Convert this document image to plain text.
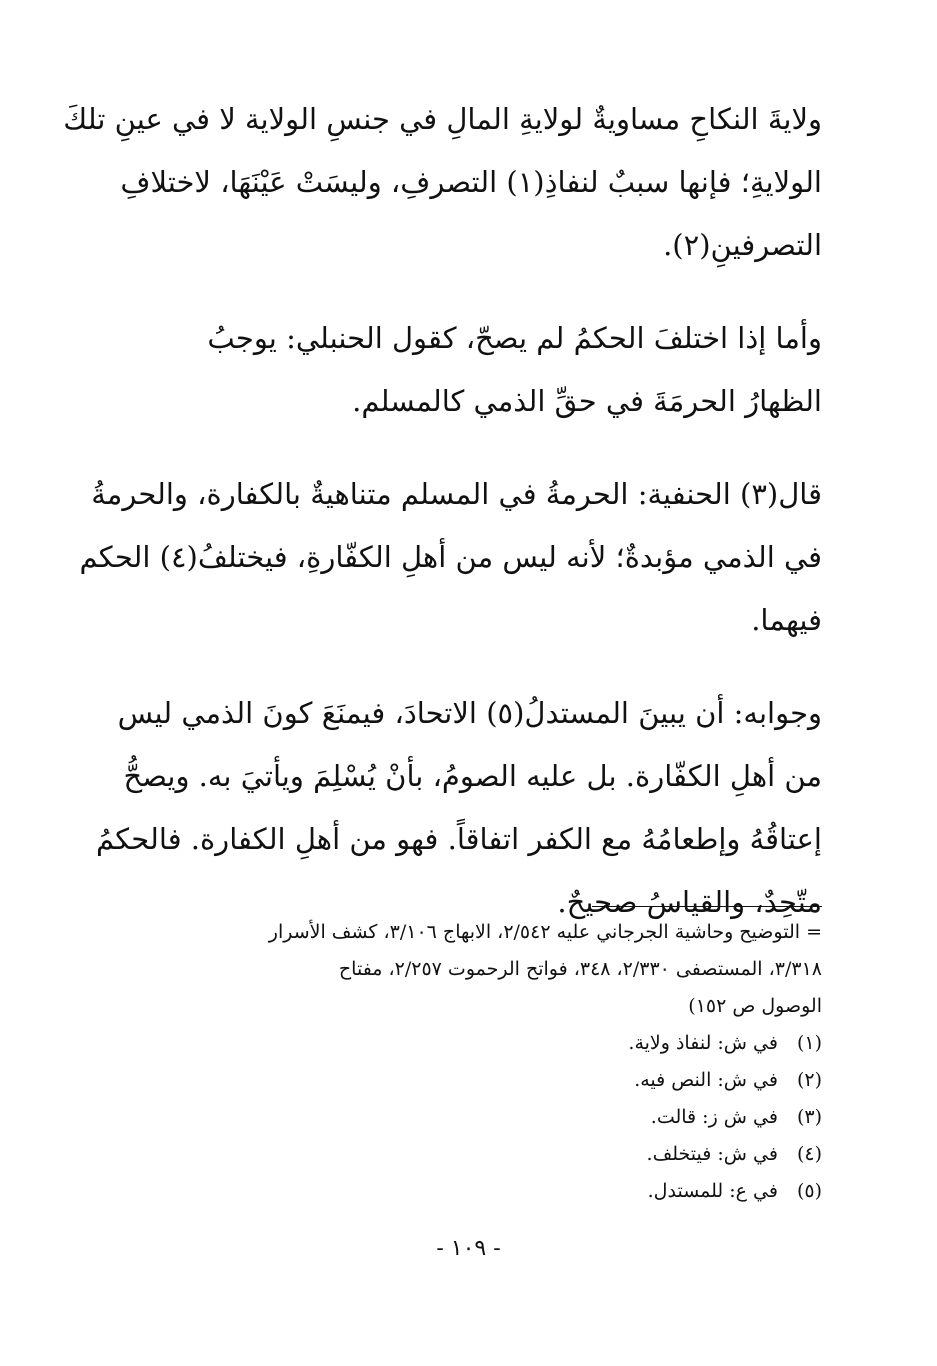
ولايةَ النكاحِ مساويةٌ لولايةِ المالِ في جنسِ الولاية لا في عينِ تلكَ
الولايةِ؛ فإنها سببٌ لنفاذِ(١) التصرفِ، وليسَتْ عَيْنَهَا، لاختلافِ
التصرفينِ(٢).

وأما إذا اختلفَ الحكمُ لم يصحّ، كقول الحنبلي: يوجبُ
الظهارُ الحرمَةَ في حقِّ الذمي كالمسلم.

قال(٣) الحنفية: الحرمةُ في المسلم متناهيةٌ بالكفارة، والحرمةُ
في الذمي مؤبدةٌ؛ لأنه ليس من أهلِ الكفّارةِ، فيختلفُ(٤) الحكم
فيهما.

وجوابه: أن يبينَ المستدلُ(٥) الاتحادَ، فيمنَعَ كونَ الذمي ليس
من أهلِ الكفّارة. بل عليه الصومُ، بأنْ يُسْلِمَ ويأتيَ به. ويصحُّ
إعتاقُهُ وإطعامُهُ مع الكفر اتفاقاً. فهو من أهلِ الكفارة. فالحكمُ
متّحِدٌ، والقياسُ صحيحٌ.

= التوضيح وحاشية الجرجاني عليه ٢/٥٤٢، الابهاج ٣/١٠٦، كشف الأسرار
٣/٣١٨، المستصفى ٢/٣٣٠، ٣٤٨، فواتح الرحموت ٢/٢٥٧، مفتاح
الوصول ص ١٥٢)
(١) في ش: لنفاذ ولاية.
(٢) في ش: النص فيه.
(٣) في ش ز: قالت.
(٤) في ش: فيتخلف.
(٥) في ع: للمستدل.
- ١٠٩ -
